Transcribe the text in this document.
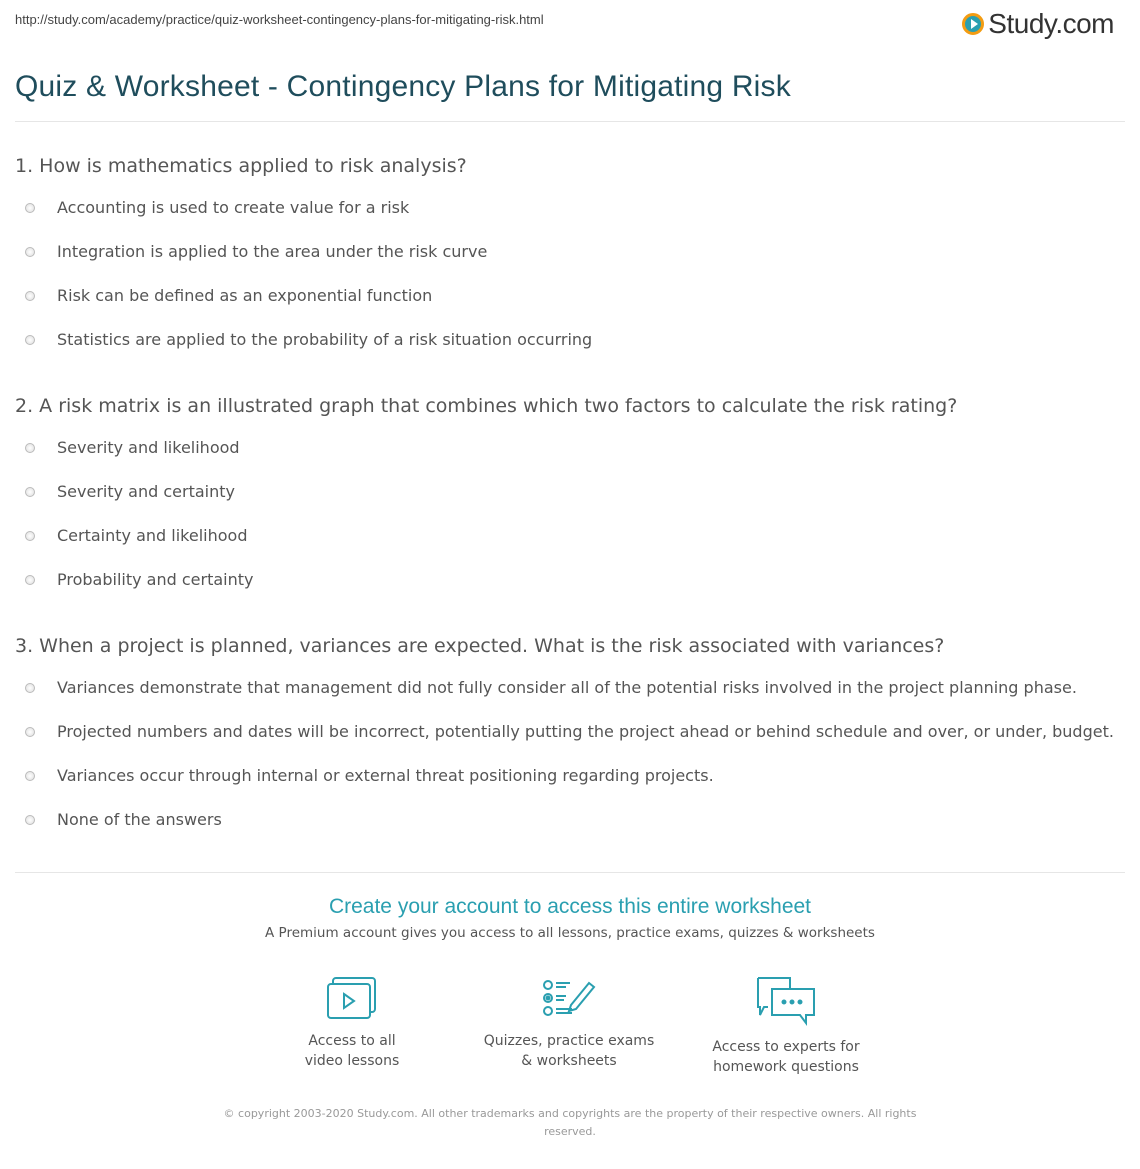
http://study.com/academy/practice/quiz-worksheet-contingency-plans-for-mitigating-risk.html	Study.com
Quiz & Worksheet - Contingency Plans for Mitigating Risk
1. How is mathematics applied to risk analysis?
Accounting is used to create value for a risk
Integration is applied to the area under the risk curve
Risk can be defined as an exponential function
Statistics are applied to the probability of a risk situation occurring
2. A risk matrix is an illustrated graph that combines which two factors to calculate the risk rating?
Severity and likelihood
Severity and certainty
Certainty and likelihood
Probability and certainty
3. When a project is planned, variances are expected. What is the risk associated with variances?
Variances demonstrate that management did not fully consider all of the potential risks involved in the project planning phase.
Projected numbers and dates will be incorrect, potentially putting the project ahead or behind schedule and over, or under, budget.
Variances occur through internal or external threat positioning regarding projects.
None of the answers
Create your account to access this entire worksheet

A Premium account gives you access to all lessons, practice exams, quizzes & worksheets

Access to all
video lessons
Quizzes, practice exams
& worksheets
Access to experts for
homework questions
© copyright 2003-2020 Study.com. All other trademarks and copyrights are the property of their respective owners. All rights reserved.
